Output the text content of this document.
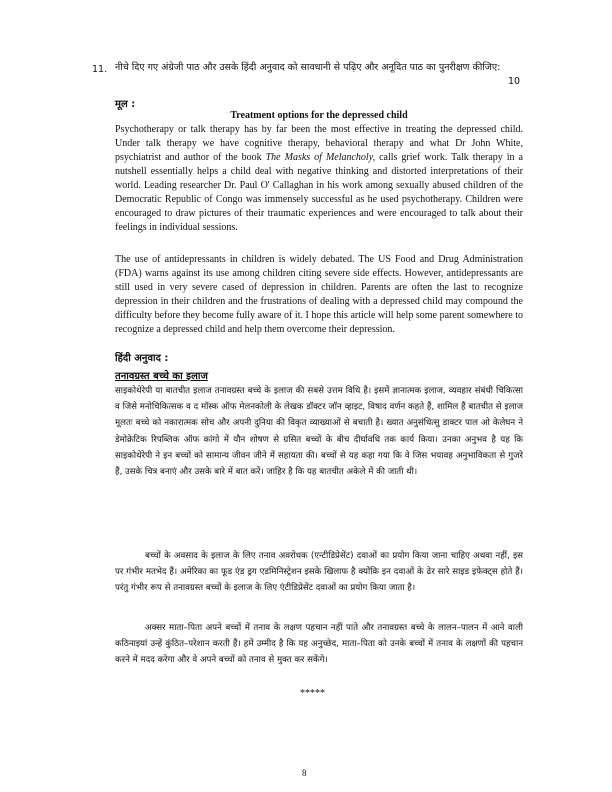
11. नीचे दिए गए अंग्रेजी पाठ और उसके हिंदी अनुवाद को सावधानी से पढ़िए और अनूदित पाठ का पुनरीक्षण कीजिए:
10
मूल :
Treatment options for the depressed child

Psychotherapy or talk therapy has by far been the most effective in treating the depressed child. Under talk therapy we have cognitive therapy, behavioral therapy and what Dr John White, psychiatrist and author of the book The Masks of Melancholy, calls grief work. Talk therapy in a nutshell essentially helps a child deal with negative thinking and distorted interpretations of their world. Leading researcher Dr. Paul O' Callaghan in his work among sexually abused children of the Democratic Republic of Congo was immensely successful as he used psychotherapy. Children were encouraged to draw pictures of their traumatic experiences and were encouraged to talk about their feelings in individual sessions.

The use of antidepressants in children is widely debated. The US Food and Drug Administration (FDA) warns against its use among children citing severe side effects. However, antidepressants are still used in very severe cased of depression in children. Parents are often the last to recognize depression in their children and the frustrations of dealing with a depressed child may compound the difficulty before they become fully aware of it. I hope this article will help some parent somewhere to recognize a depressed child and help them overcome their depression.

हिंदी अनुवाद :
तनावग्रस्त बच्चे का इलाज

साइकोथेरेपी या बातचीत इलाज तनावग्रस्त बच्चे के इलाज की सबसे उत्तम विधि है। इसमें ज्ञानात्मक इलाज, व्यवहार संबंधी चिकित्सा व जिसे मनोचिकित्सक व द मॉस्क ऑफ मेलनकोली के लेखक डॉक्टर जॉन व्हाइट, विषाद वर्णन कहते हैं, शामिल हैं बातचीत से इलाज मूलतः बच्चे को नकारात्मक सोच और अपनी दुनिया की विकृत व्याख्याओं से बचाती है। ख्यात अनुसंधित्सु डाक्टर पाल ओ केलेघन ने डेमोक्रेटिक रिपब्लिक ऑफ कांगो में यौन शोषण से ग्रसित बच्चों के बीच दीर्घावधि तक कार्य किया। उनका अनुभव है यह कि साइकोथेरेपी ने इन बच्चों को सामान्य जीवन जीने में सहायता की। बच्चों से यह कहा गया कि वे जिस भयावह अनुभाविकता से गुजरे हैं, उसके चित्र बनाएं और उसके बारे में बात करें। जाहिर है कि यह बातचीत अकेले में की जाती थी।

बच्चों के अवसाद के इलाज के लिए तनाव अवरोधक (एन्टीडिप्रेसेंट) दवाओं का प्रयोग किया जाना चाहिए अथवा नहीं, इस पर गंभीर मतभेद हैं। अमेरिका का फूड एंड ड्रग एडमिनिस्ट्रेशन इसके खिलाफ है क्योंकि इन दवाओं के ढेर सारे साइड इफेक्ट्स होते हैं। परंतु गंभीर रूप से तनावग्रस्त बच्चों के इलाज के लिए एंटीडिप्रेसेंट दवाओं का प्रयोग किया जाता है।

अक्सर माता–पिता अपने बच्चों में तनाव के लक्षण पहचान नहीं पाते और तनावग्रस्त बच्चे के लालन–पालन में आने वाली कठिनाइयां उन्हें कुंठित–परेशान करती हैं। हमें उम्मीद है कि यह अनुच्छेद, माता–पिता को उनके बच्चों में तनाव के लक्षणों की पहचान करने में मदद करेगा और वे अपने बच्चों को तनाव से मुक्त कर सकेंगे।

*****
8
